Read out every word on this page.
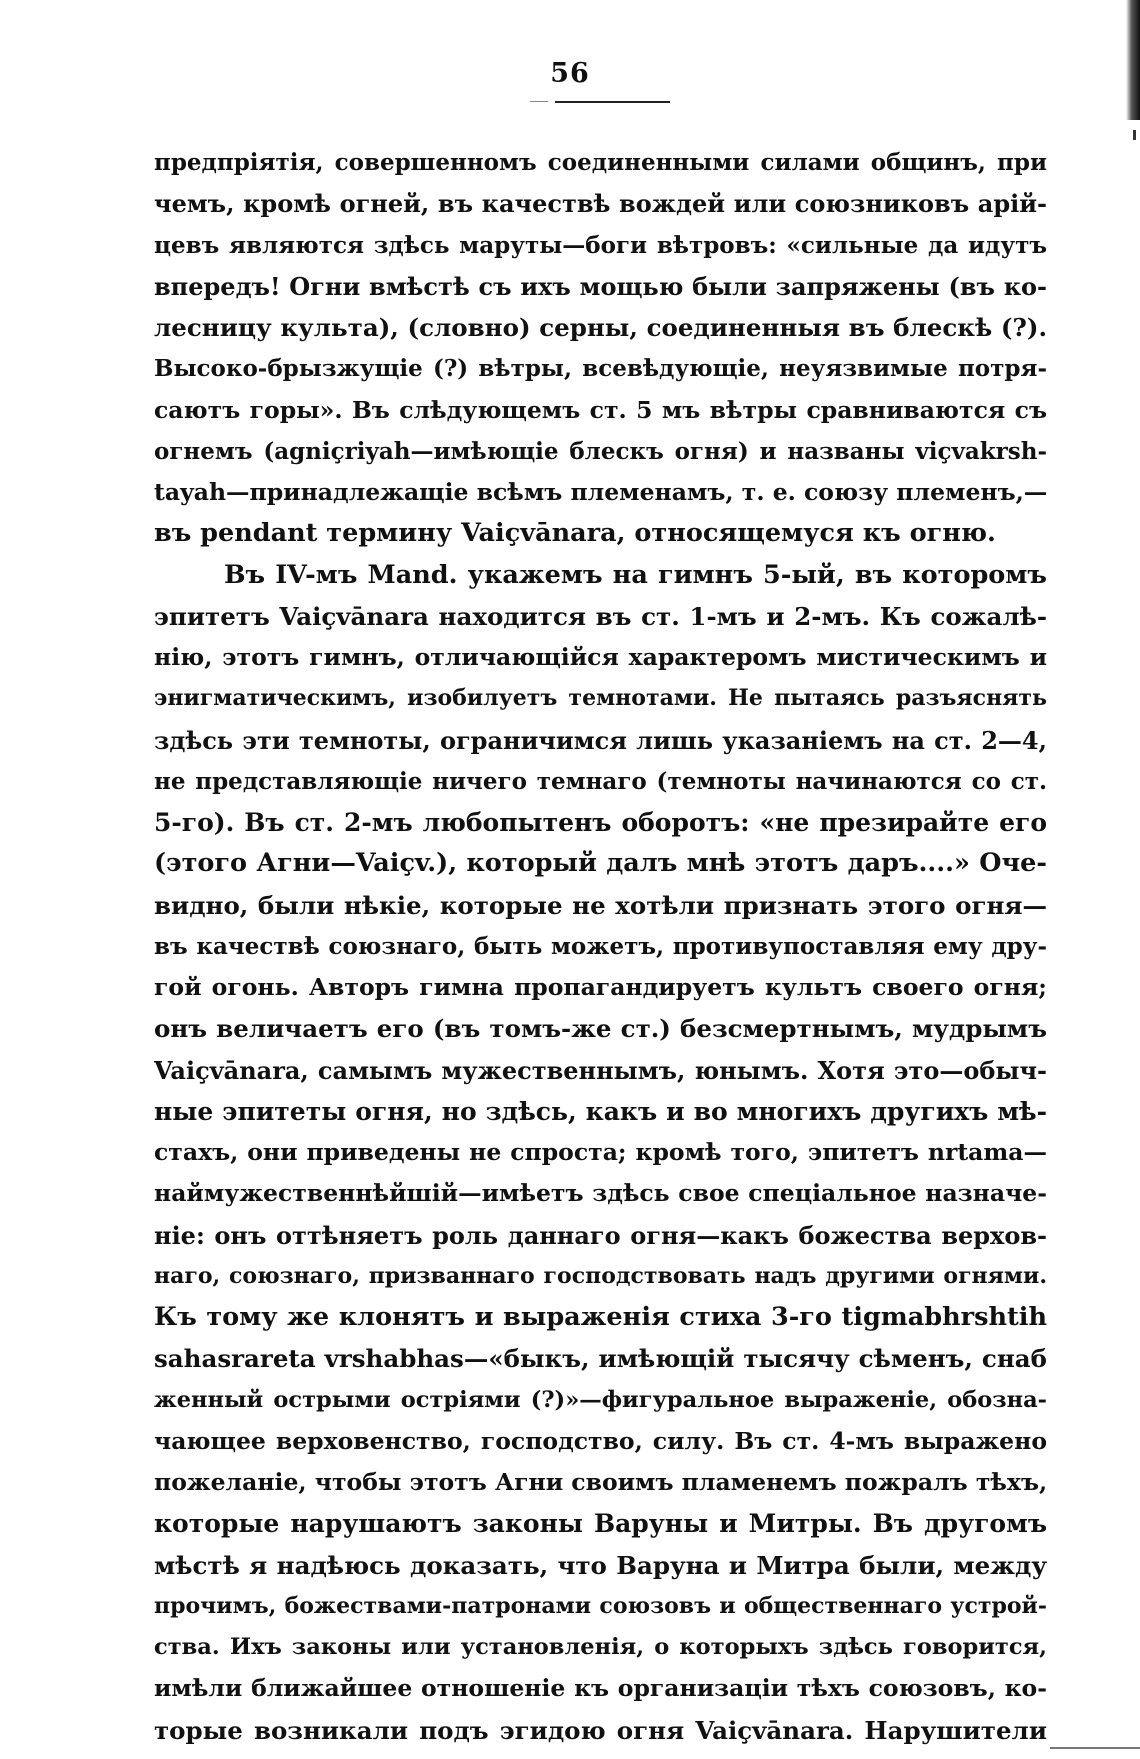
56
предпріятія, совершенномъ соединенными силами общинъ, при
чемъ, кромѣ огней, въ качествѣ вождей или союзниковъ арій-
цевъ являются здѣсь маруты—боги вѣтровъ: «сильные да идутъ
впередъ! Огни вмѣстѣ съ ихъ мощью были запряжены (въ ко-
лесницу культа), (словно) серны, соединенныя въ блескѣ (?).
Высоко-брызжущіе (?) вѣтры, всевѣдующіе, неуязвимые потря-
саютъ горы». Въ слѣдующемъ ст. 5 мъ вѣтры сравниваются съ
огнемъ (agniçriyah—имѣющіе блескъ огня) и названы viçvakrsh-
tayah—принадлежащіе всѣмъ племенамъ, т. е. союзу племенъ,—
въ pendant термину Vaiçvānara, относящемуся къ огню.
Въ IV-мъ Mand. укажемъ на гимнъ 5-ый, въ которомъ
эпитетъ Vaiçvānara находится въ ст. 1-мъ и 2-мъ. Къ сожалѣ-
нію, этотъ гимнъ, отличающійся характеромъ мистическимъ и
энигматическимъ, изобилуетъ темнотами. Не пытаясь разъяснять
здѣсь эти темноты, ограничимся лишь указаніемъ на ст. 2—4,
не представляющіе ничего темнаго (темноты начинаются со ст.
5-го). Въ ст. 2-мъ любопытенъ оборотъ: «не презирайте его
(этого Агни—Vaiçv.), который далъ мнѣ этотъ даръ....» Оче-
видно, были нѣкіе, которые не хотѣли признать этого огня—
въ качествѣ союзнаго, быть можетъ, противупоставляя ему дру-
гой огонь. Авторъ гимна пропагандируетъ культъ своего огня;
онъ величаетъ его (въ томъ-же ст.) безсмертнымъ, мудрымъ
Vaiçvānara, самымъ мужественнымъ, юнымъ. Хотя это—обыч-
ные эпитеты огня, но здѣсь, какъ и во многихъ другихъ мѣ-
стахъ, они приведены не спроста; кромѣ того, эпитетъ nrtama—
наймужественнѣйшій—имѣетъ здѣсь свое спеціальное назначе-
ніе: онъ оттѣняетъ роль даннаго огня—какъ божества верхов-
наго, союзнаго, призваннаго господствовать надъ другими огнями.
Къ тому же клонятъ и выраженія стиха 3-го tigmabhrshtih
sahasrareta vrshabhas—«быкъ, имѣющій тысячу сѣменъ, снаб
женный острыми остріями (?)»—фигуральное выраженіе, обозна-
чающее верховенство, господство, силу. Въ ст. 4-мъ выражено
пожеланіе, чтобы этотъ Агни своимъ пламенемъ пожралъ тѣхъ,
которые нарушаютъ законы Варуны и Митры. Въ другомъ
мѣстѣ я надѣюсь доказать, что Варуна и Митра были, между
прочимъ, божествами-патронами союзовъ и общественнаго устрой-
ства. Ихъ законы или установленія, о которыхъ здѣсь говорится,
имѣли ближайшее отношеніе къ организаціи тѣхъ союзовъ, ко-
торые возникали подъ эгидою огня Vaiçvānara. Нарушители
